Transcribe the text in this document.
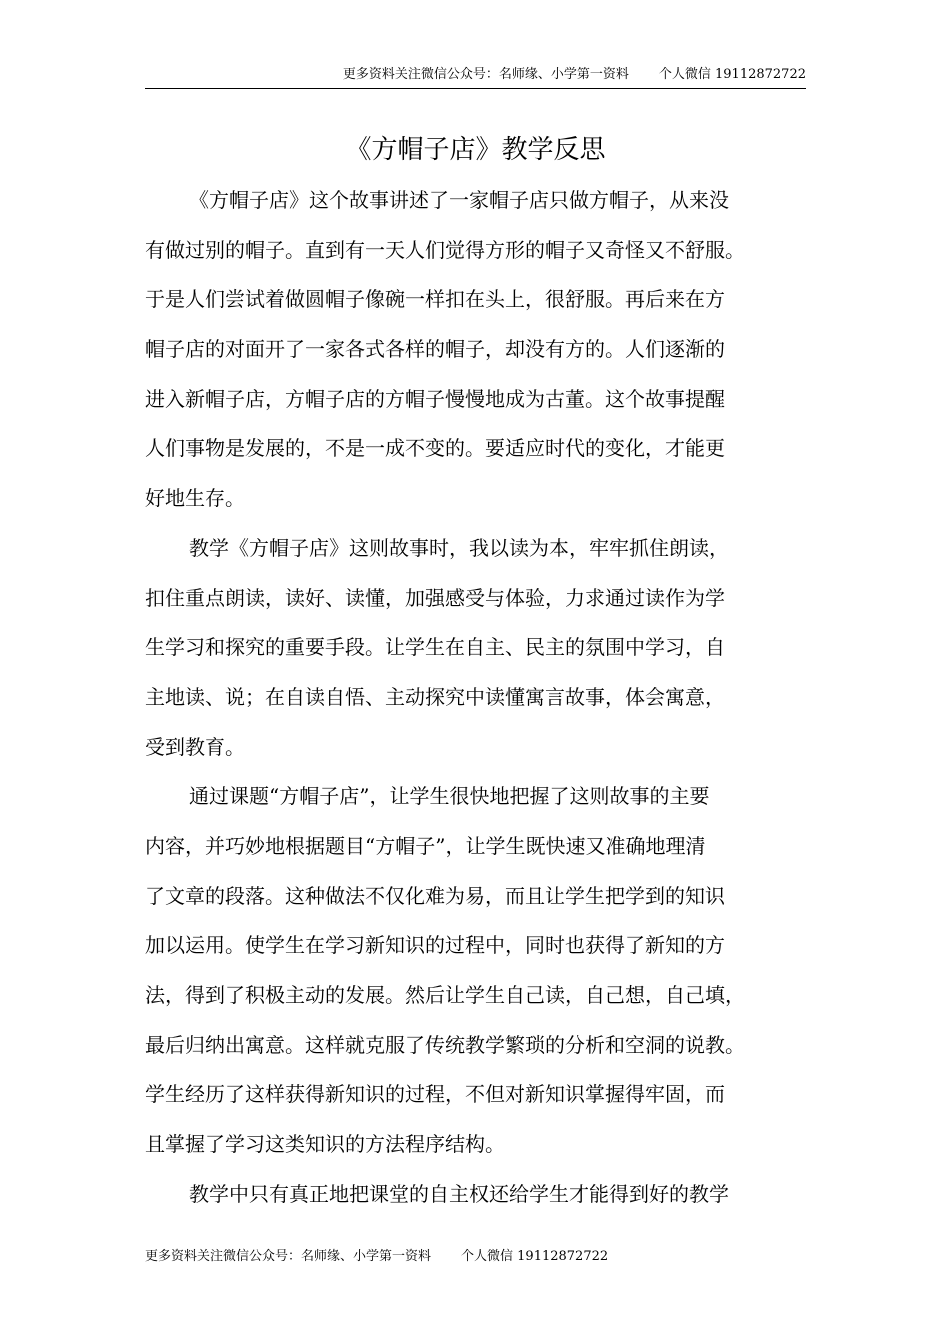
更多资料关注微信公众号：名师缘、小学第一资料 个人微信 19112872722
《方帽子店》教学反思
《方帽子店》这个故事讲述了一家帽子店只做方帽子，从来没
有做过别的帽子。直到有一天人们觉得方形的帽子又奇怪又不舒服。
于是人们尝试着做圆帽子像碗一样扣在头上，很舒服。再后来在方
帽子店的对面开了一家各式各样的帽子，却没有方的。人们逐渐的
进入新帽子店，方帽子店的方帽子慢慢地成为古董。这个故事提醒
人们事物是发展的，不是一成不变的。要适应时代的变化，才能更
好地生存。
教学《方帽子店》这则故事时，我以读为本，牢牢抓住朗读，
扣住重点朗读，读好、读懂，加强感受与体验，力求通过读作为学
生学习和探究的重要手段。让学生在自主、民主的氛围中学习，自
主地读、说；在自读自悟、主动探究中读懂寓言故事，体会寓意，
受到教育。
通过课题“方帽子店”，让学生很快地把握了这则故事的主要
内容，并巧妙地根据题目“方帽子”，让学生既快速又准确地理清
了文章的段落。这种做法不仅化难为易，而且让学生把学到的知识
加以运用。使学生在学习新知识的过程中，同时也获得了新知的方
法，得到了积极主动的发展。然后让学生自己读，自己想，自己填，
最后归纳出寓意。这样就克服了传统教学繁琐的分析和空洞的说教。
学生经历了这样获得新知识的过程，不但对新知识掌握得牢固，而
且掌握了学习这类知识的方法程序结构。
教学中只有真正地把课堂的自主权还给学生才能得到好的教学
更多资料关注微信公众号：名师缘、小学第一资料 个人微信 19112872722
